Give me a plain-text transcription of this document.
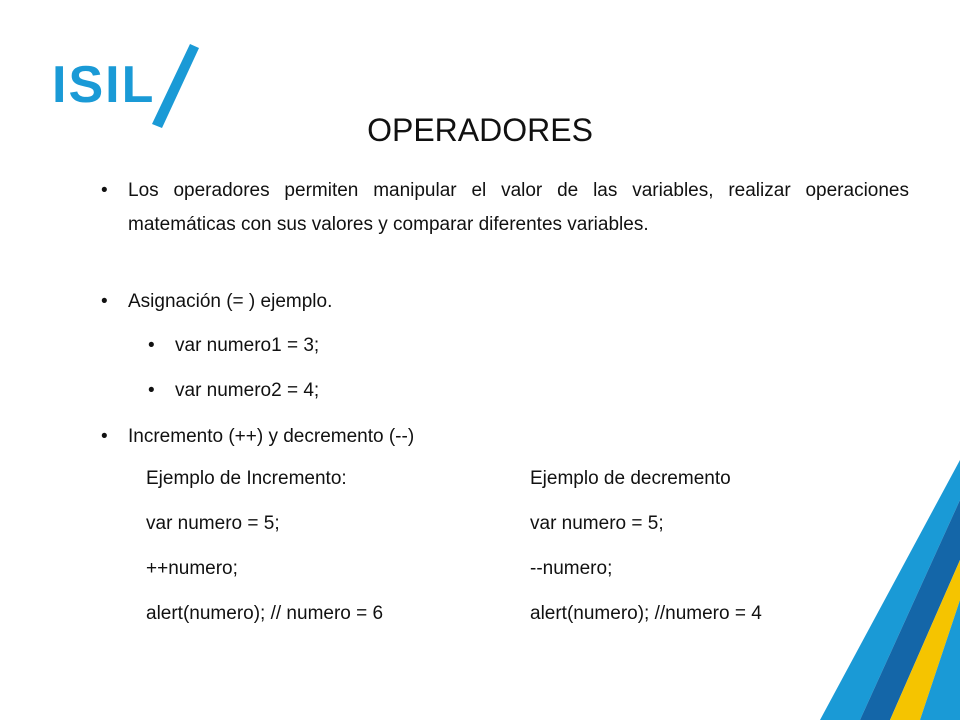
ISIL
OPERADORES
• Los operadores permiten manipular el valor de las variables, realizar operaciones matemáticas con sus valores y comparar diferentes variables.
• Asignación (= ) ejemplo.
• var numero1 = 3;
• var numero2 = 4;
• Incremento (++) y decremento (--)
Ejemplo de Incremento:
var numero = 5;
++numero;
alert(numero); // numero = 6
Ejemplo de decremento
var numero = 5;
--numero;
alert(numero); //numero = 4
